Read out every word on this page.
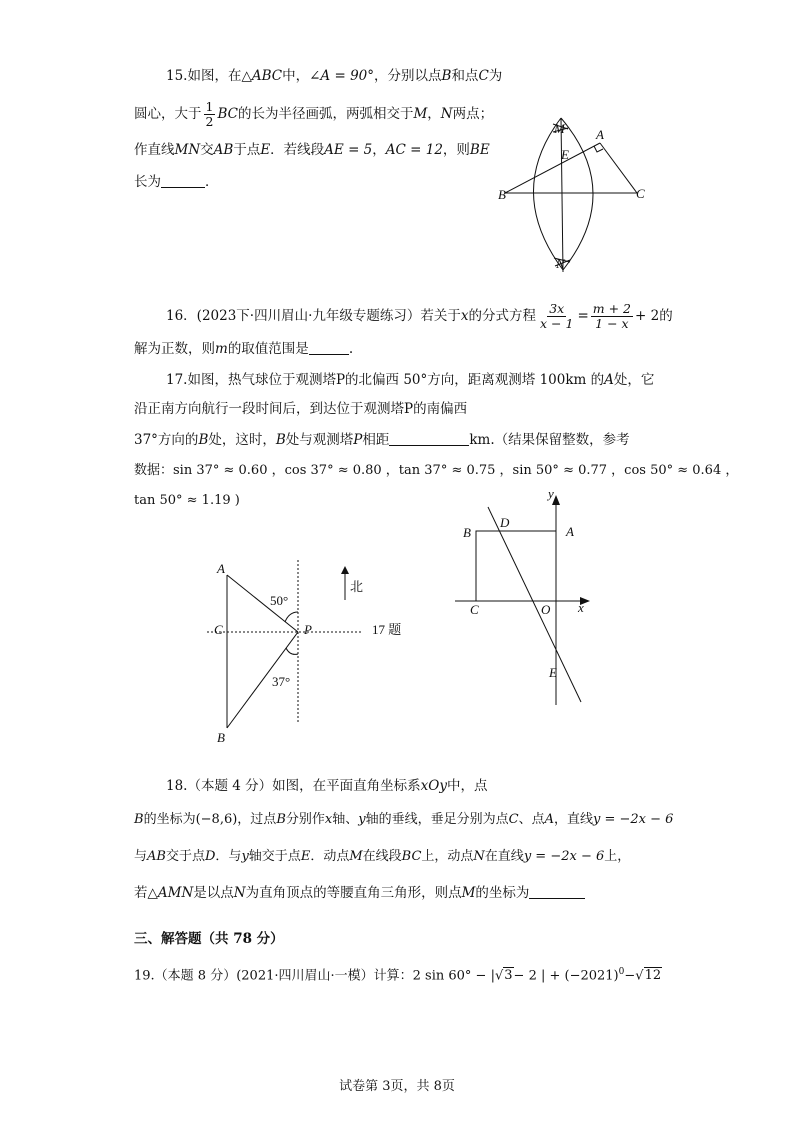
15.如图，在△ABC中，∠A = 90°，分别以点B和点C为
圆心，大于 $\frac{1}{2}$ BC的长为半径画弧，两弧相交于M，N两点；
作直线MN交AB于点E．若线段AE = 5，AC = 12，则BE
长为	．
M A
E
B	C
N
16．(2023下·四川眉山·九年级专题练习）若关于x的分式方程 $\frac{3x}{x - 1} = \frac{m + 2}{1 - x} + 2$的
解为正数，则m的取值范围是	.
17.如图，热气球位于观测塔P的北偏西 50°方向，距离观测塔 100km 的A处，它
沿正南方向航行一段时间后，到达位于观测塔P的南偏西
37°方向的B处，这时，B处与观测塔P相距	km.（结果保留整数，参考
数据：sin 37° ≈ 0.60 ，cos 37° ≈ 0.80 ，tan 37° ≈ 0.75 ，sin 50° ≈ 0.77 ，cos 50° ≈ 0.64 ，
tan 50° ≈ 1.19 )
A
B
C	P
50°
37°
北
17 题
y
D
A
B
C	O x
E
18.（本题 4 分）如图，在平面直角坐标系xOy中，点
B的坐标为(−8,6)，过点B分别作x轴、y轴的垂线，垂足分别为点C、点A，直线y = −2x − 6
与AB交于点D．与y轴交于点E．动点M在线段BC上，动点N在直线y = −2x − 6上，
若△AMN是以点N为直角顶点的等腰直角三角形，则点M的坐标为
三、解答题（共 78 分）
19.（本题 8 分）(2021·四川眉山·一模）计算：2 sin 60° − |√3− 2 | + $(-2021)^0-√12$
试卷第 3页，共 8页
